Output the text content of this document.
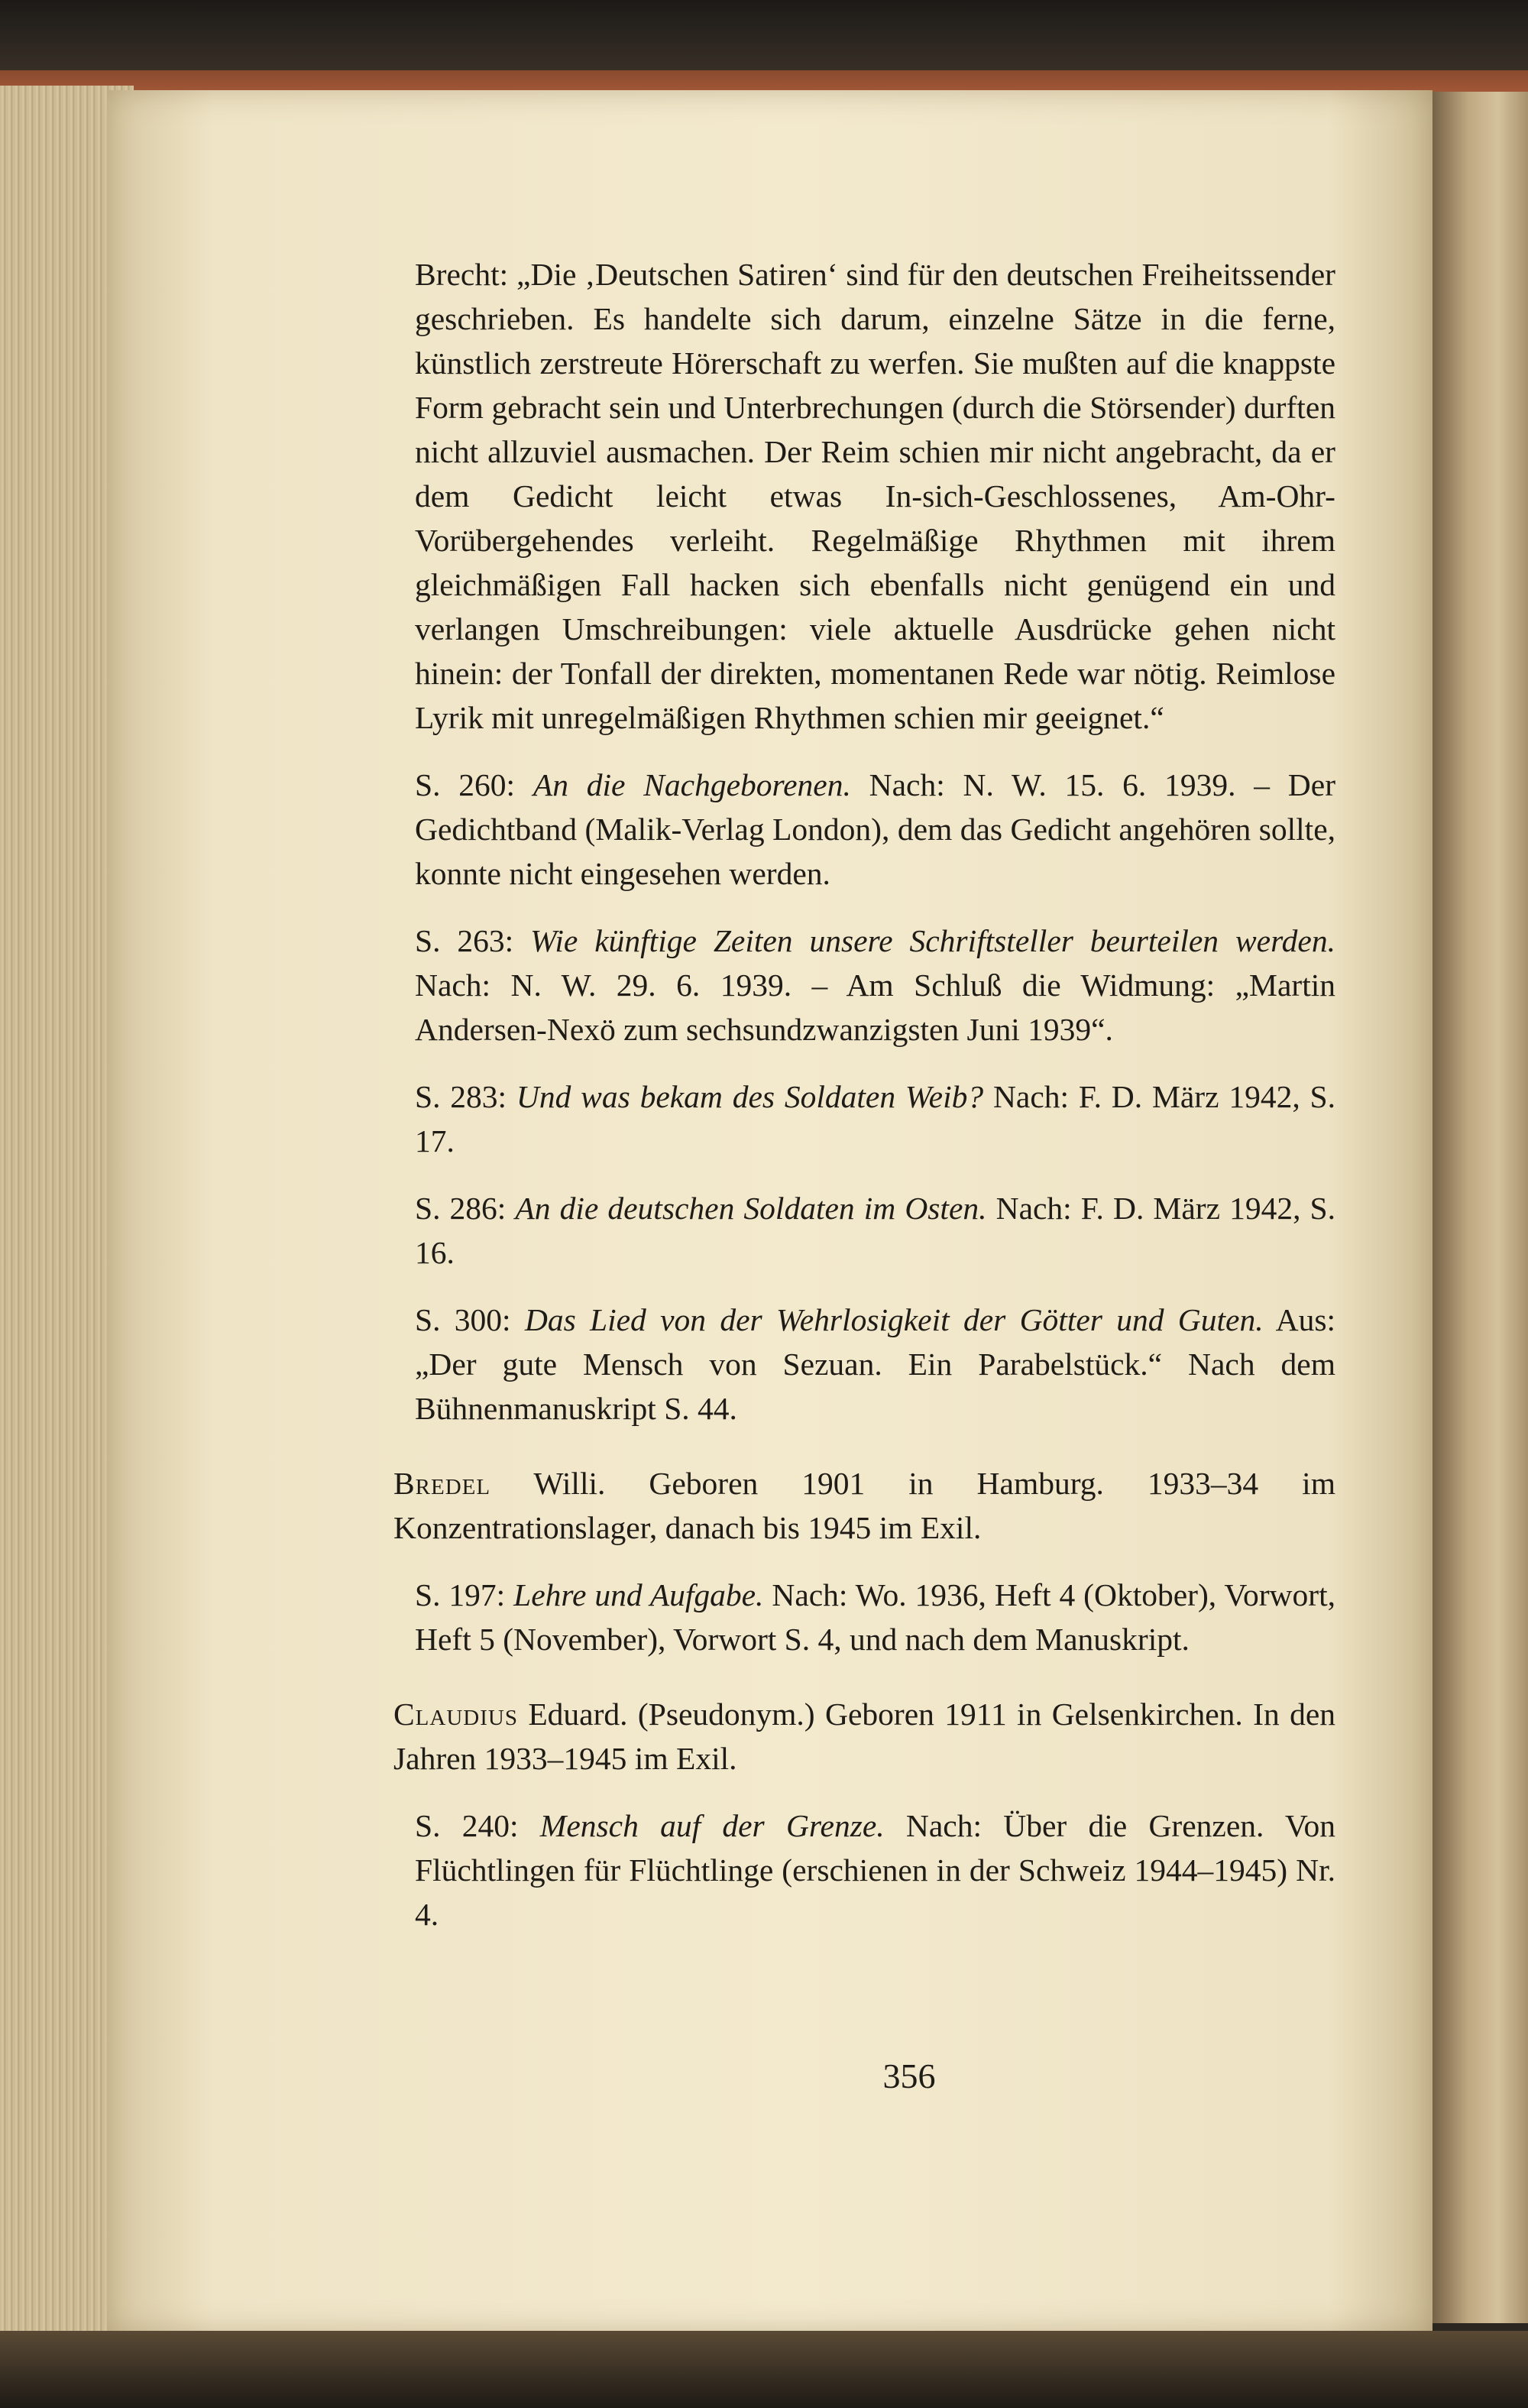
Brecht: „Die ‚Deutschen Satiren‘ sind für den deutschen Freiheitssender geschrieben. Es handelte sich darum, einzelne Sätze in die ferne, künstlich zerstreute Hörerschaft zu werfen. Sie mußten auf die knappste Form gebracht sein und Unterbrechungen (durch die Störsender) durften nicht allzuviel ausmachen. Der Reim schien mir nicht angebracht, da er dem Gedicht leicht etwas In-sich-Geschlossenes, Am-Ohr-Vorübergehendes verleiht. Regelmäßige Rhythmen mit ihrem gleichmäßigen Fall hacken sich ebenfalls nicht genügend ein und verlangen Umschreibungen: viele aktuelle Ausdrücke gehen nicht hinein: der Tonfall der direkten, momentanen Rede war nötig. Reimlose Lyrik mit unregelmäßigen Rhythmen schien mir geeignet.“

S. 260: An die Nachgeborenen. Nach: N. W. 15. 6. 1939. – Der Gedichtband (Malik-Verlag London), dem das Gedicht angehören sollte, konnte nicht eingesehen werden.

S. 263: Wie künftige Zeiten unsere Schriftsteller beurteilen werden. Nach: N. W. 29. 6. 1939. – Am Schluß die Widmung: „Martin Andersen-Nexö zum sechsundzwanzigsten Juni 1939“.

S. 283: Und was bekam des Soldaten Weib? Nach: F. D. März 1942, S. 17.

S. 286: An die deutschen Soldaten im Osten. Nach: F. D. März 1942, S. 16.

S. 300: Das Lied von der Wehrlosigkeit der Götter und Guten. Aus: „Der gute Mensch von Sezuan. Ein Parabelstück.“ Nach dem Bühnenmanuskript S. 44.

Bredel Willi. Geboren 1901 in Hamburg. 1933–34 im Konzentrationslager, danach bis 1945 im Exil.

S. 197: Lehre und Aufgabe. Nach: Wo. 1936, Heft 4 (Oktober), Vorwort, Heft 5 (November), Vorwort S. 4, und nach dem Manuskript.

Claudius Eduard. (Pseudonym.) Geboren 1911 in Gelsenkirchen. In den Jahren 1933–1945 im Exil.

S. 240: Mensch auf der Grenze. Nach: Über die Grenzen. Von Flüchtlingen für Flüchtlinge (erschienen in der Schweiz 1944–1945) Nr. 4.

356
